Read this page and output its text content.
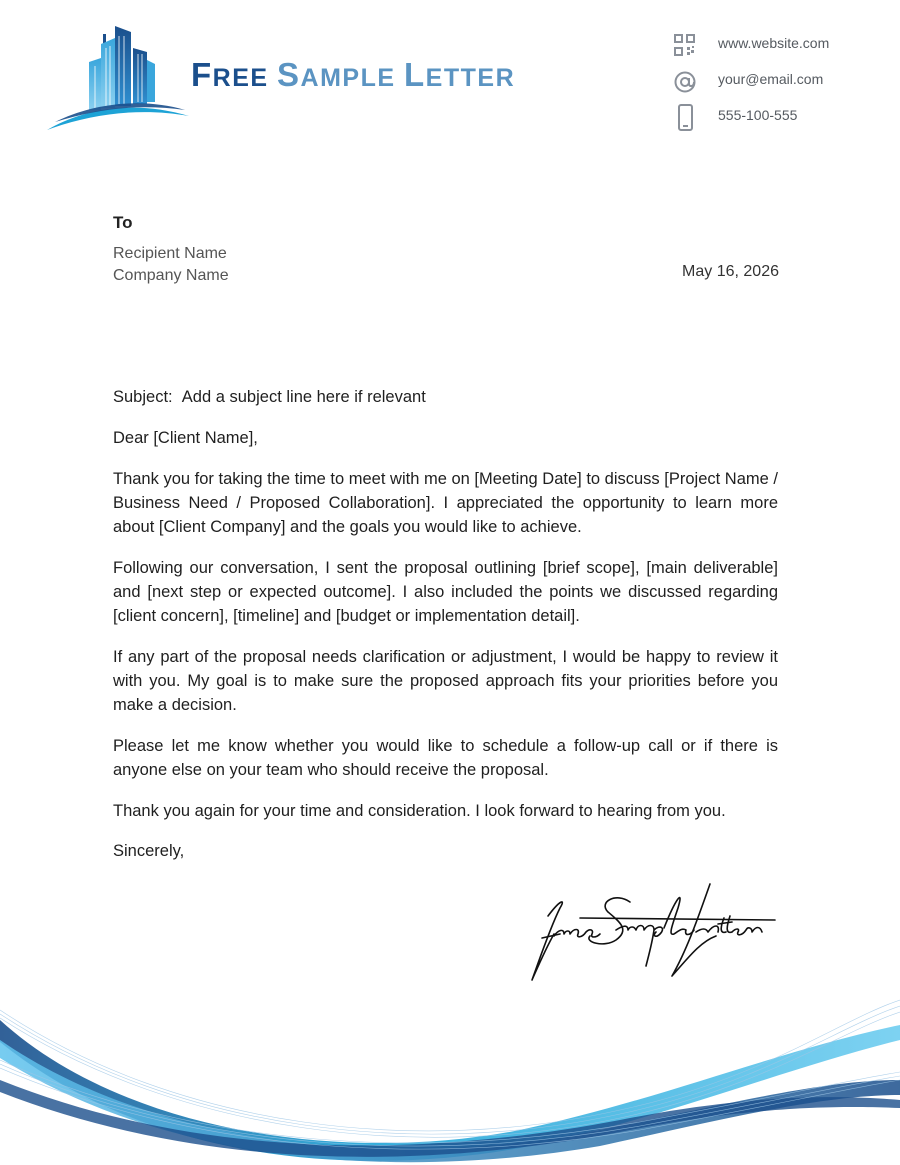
FREE SAMPLE LETTER
www.website.com
your@email.com
555-100-555
To
Recipient Name
Company Name	May 16, 2026

Subject: Add a subject line here if relevant

Dear [Client Name],

Thank you for taking the time to meet with me on [Meeting Date] to discuss [Project Name / Business Need / Proposed Collaboration]. I appreciated the opportunity to learn more about [Client Company] and the goals you would like to achieve.

Following our conversation, I sent the proposal outlining [brief scope], [main deliverable] and [next step or expected outcome]. I also included the points we discussed regarding [client concern], [timeline] and [budget or implementation detail].

If any part of the proposal needs clarification or adjustment, I would be happy to review it with you. My goal is to make sure the proposed approach fits your priorities before you make a decision.

Please let me know whether you would like to schedule a follow-up call or if there is anyone else on your team who should receive the proposal.

Thank you again for your time and consideration. I look forward to hearing from you.

Sincerely,
